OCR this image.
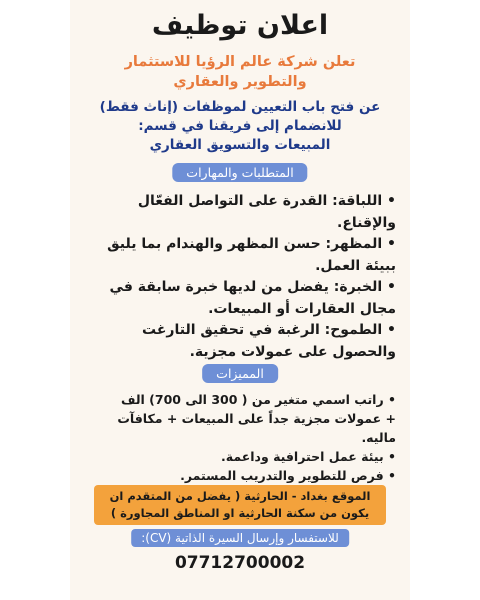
اعلان توظيف
تعلن شركة عالم الرؤيا للاستثمار
والتطوير والعقاري
عن فتح باب التعيين لموظفات (إناث فقط)
للانضمام إلى فريقنا في قسم:
المبيعات والتسويق العقاري
المتطلبات والمهارات
• اللباقة: القدرة على التواصل الفعّال والإقناع.
• المظهر: حسن المظهر والهندام بما يليق ببيئة العمل.
• الخبرة: يفضل من لديها خبرة سابقة في مجال العقارات أو المبيعات.
• الطموح: الرغبة في تحقيق التارغت والحصول على عمولات مجزية.
المميزات
• راتب اسمي متغير من ( 300 الى 700) الف
+ عمولات مجزية جداً على المبيعات + مكافآت ماليه.
• بيئة عمل احترافية وداعمة.
• فرص للتطوير والتدريب المستمر.
الموقع بغداد - الحارثية ( يفضل من المتقدم ان
يكون من سكنة الحارثية او المناطق المجاورة )
للاستفسار وإرسال السيرة الذاتية (CV):
07712700002
